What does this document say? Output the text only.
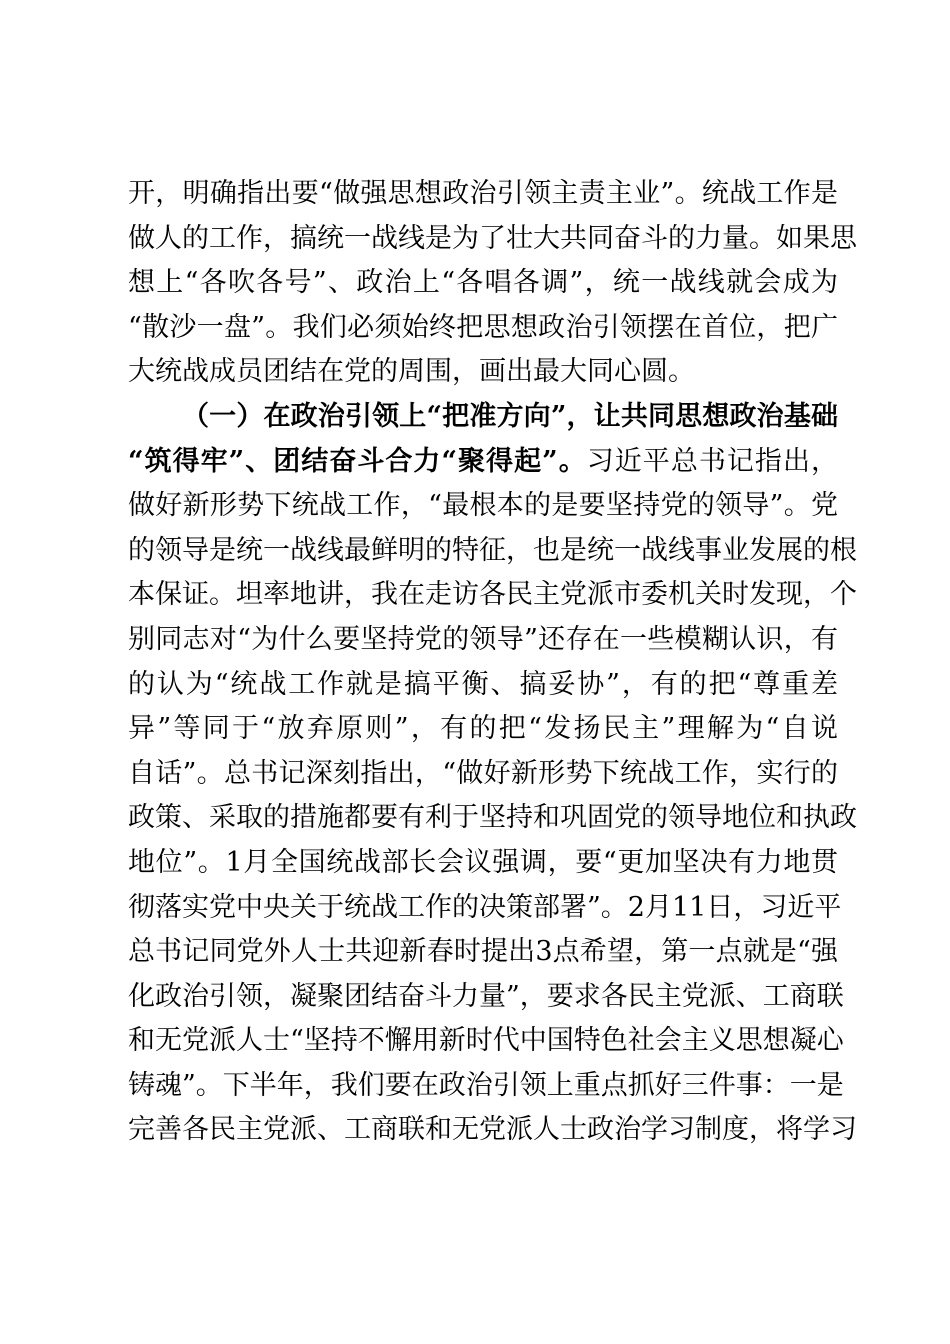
开，明确指出要“做强思想政治引领主责主业”。统战工作是
做人的工作，搞统一战线是为了壮大共同奋斗的力量。如果思
想上“各吹各号”、政治上“各唱各调”，统一战线就会成为
“散沙一盘”。我们必须始终把思想政治引领摆在首位，把广
大统战成员团结在党的周围，画出最大同心圆。
（一）在政治引领上“把准方向”，让共同思想政治基础
“筑得牢”、团结奋斗合力“聚得起”。习近平总书记指出，
做好新形势下统战工作，“最根本的是要坚持党的领导”。党
的领导是统一战线最鲜明的特征，也是统一战线事业发展的根
本保证。坦率地讲，我在走访各民主党派市委机关时发现，个
别同志对“为什么要坚持党的领导”还存在一些模糊认识，有
的认为“统战工作就是搞平衡、搞妥协”，有的把“尊重差
异”等同于“放弃原则”，有的把“发扬民主”理解为“自说
自话”。总书记深刻指出，“做好新形势下统战工作，实行的
政策、采取的措施都要有利于坚持和巩固党的领导地位和执政
地位”。1月全国统战部长会议强调，要“更加坚决有力地贯
彻落实党中央关于统战工作的决策部署”。2月11日，习近平
总书记同党外人士共迎新春时提出3点希望，第一点就是“强
化政治引领，凝聚团结奋斗力量”，要求各民主党派、工商联
和无党派人士“坚持不懈用新时代中国特色社会主义思想凝心
铸魂”。下半年，我们要在政治引领上重点抓好三件事：一是
完善各民主党派、工商联和无党派人士政治学习制度，将学习
